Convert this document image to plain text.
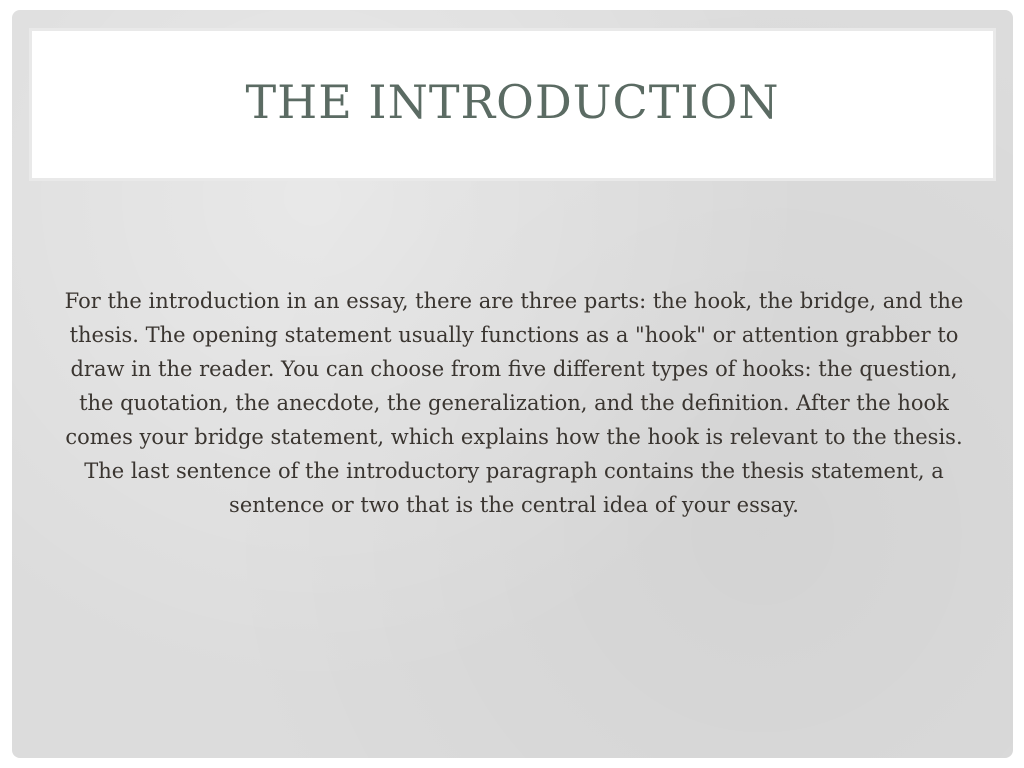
THE INTRODUCTION

For the introduction in an essay, there are three parts: the hook, the bridge, and the thesis. The opening statement usually functions as a "hook" or attention grabber to draw in the reader. You can choose from five different types of hooks: the question, the quotation, the anecdote, the generalization, and the definition. After the hook comes your bridge statement, which explains how the hook is relevant to the thesis. The last sentence of the introductory paragraph contains the thesis statement, a sentence or two that is the central idea of your essay.
